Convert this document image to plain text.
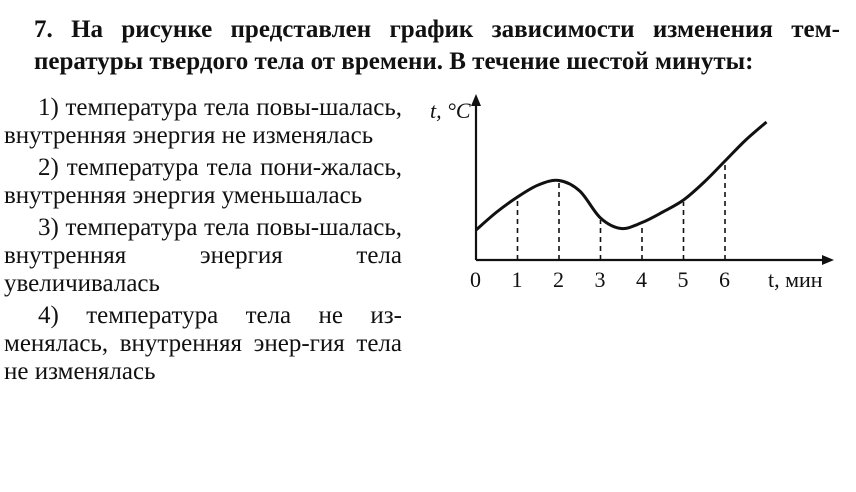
7. На рисунке представлен график зависимости изменения тем-пературы твердого тела от времени. В течение шестой минуты:

1) температура тела повы-шалась, внутренняя энергия не изменялась

2) температура тела пони-жалась, внутренняя энергия уменьшалась

3) температура тела повы-шалась, внутренняя энергия тела увеличивалась

4) температура тела не из-менялась, внутренняя энер-гия тела не изменялась

t, °C
t, мин
0 1 2 3 4 5 6
